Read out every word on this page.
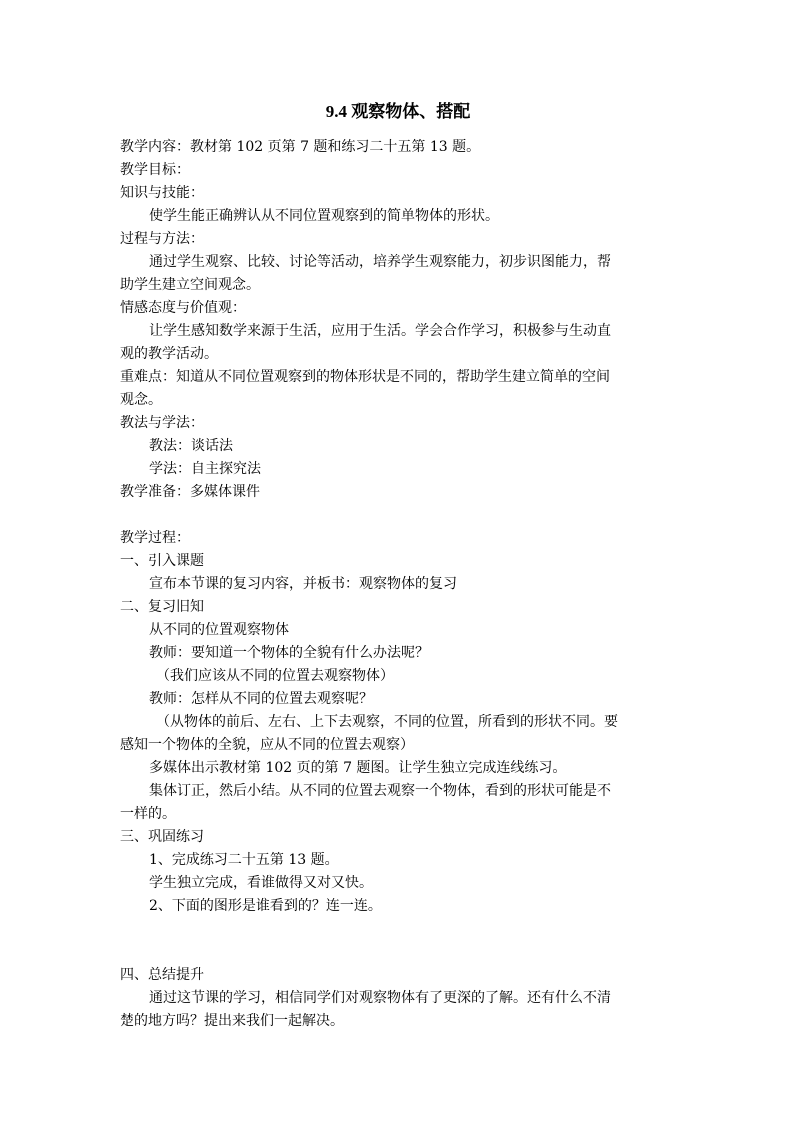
9.4 观察物体、搭配
教学内容：教材第 102 页第 7 题和练习二十五第 13 题。
教学目标：
知识与技能：
使学生能正确辨认从不同位置观察到的简单物体的形状。
过程与方法：
通过学生观察、比较、讨论等活动，培养学生观察能力，初步识图能力，帮
助学生建立空间观念。
情感态度与价值观：
让学生感知数学来源于生活，应用于生活。学会合作学习，积极参与生动直
观的教学活动。
重难点：知道从不同位置观察到的物体形状是不同的，帮助学生建立简单的空间
观念。
教法与学法：
教法：谈话法
学法：自主探究法
教学准备：多媒体课件
教学过程：
一、引入课题
宣布本节课的复习内容，并板书：观察物体的复习
二、复习旧知
从不同的位置观察物体
教师：要知道一个物体的全貌有什么办法呢？
（我们应该从不同的位置去观察物体）
教师：怎样从不同的位置去观察呢？
（从物体的前后、左右、上下去观察，不同的位置，所看到的形状不同。要
感知一个物体的全貌，应从不同的位置去观察）
多媒体出示教材第 102 页的第 7 题图。让学生独立完成连线练习。
集体订正，然后小结。从不同的位置去观察一个物体，看到的形状可能是不
一样的。
三、巩固练习
1、完成练习二十五第 13 题。
学生独立完成，看谁做得又对又快。
2、下面的图形是谁看到的？连一连。
四、总结提升
通过这节课的学习，相信同学们对观察物体有了更深的了解。还有什么不清
楚的地方吗？提出来我们一起解决。
